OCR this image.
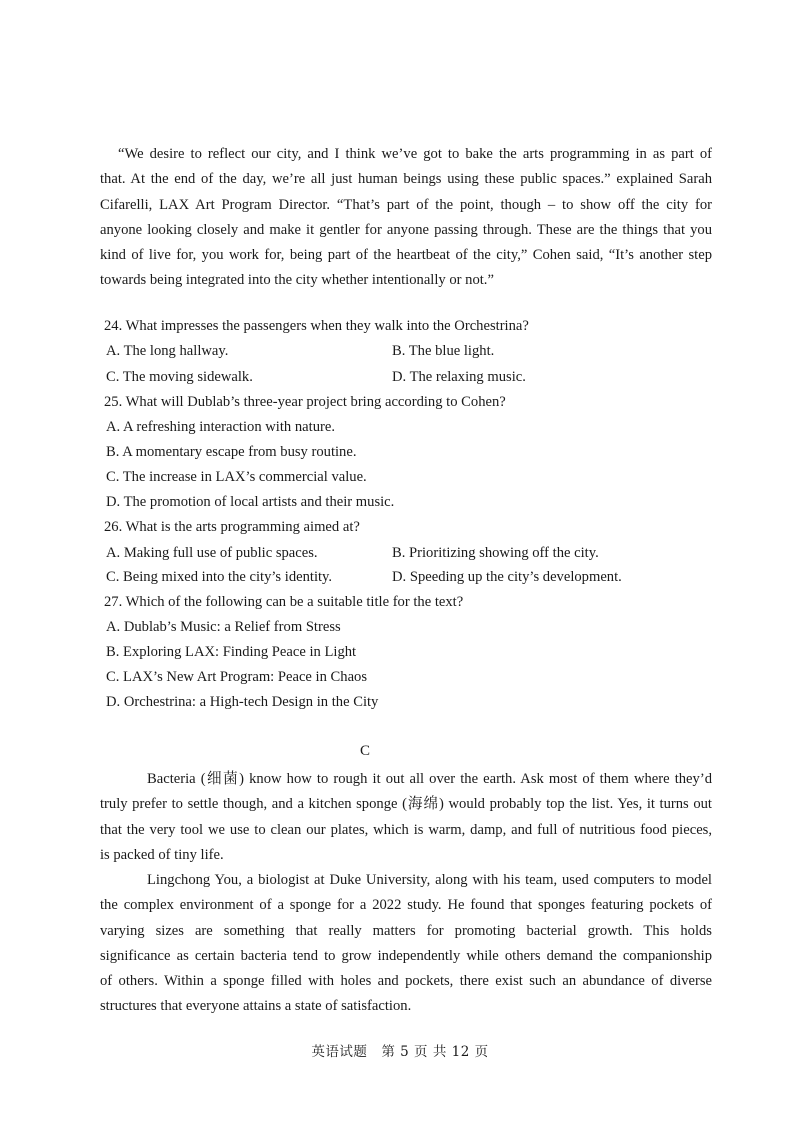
“We desire to reflect our city, and I think we’ve got to bake the arts programming in as part of
that. At the end of the day, we’re all just human beings using these public spaces.” explained Sarah
Cifarelli, LAX Art Program Director. “That’s part of the point, though – to show off the city for
anyone looking closely and make it gentler for anyone passing through. These are the things that you
kind of live for, you work for, being part of the heartbeat of the city,” Cohen said, “It’s another step
towards being integrated into the city whether intentionally or not.”

24. What impresses the passengers when they walk into the Orchestrina?

A. The long hallway.	B. The blue light.

C. The moving sidewalk.	D. The relaxing music.

25. What will Dublab’s three-year project bring according to Cohen?

A. A refreshing interaction with nature.

B. A momentary escape from busy routine.

C. The increase in LAX’s commercial value.

D. The promotion of local artists and their music.

26. What is the arts programming aimed at?

A. Making full use of public spaces.	B. Prioritizing showing off the city.

C. Being mixed into the city’s identity.	D. Speeding up the city’s development.

27. Which of the following can be a suitable title for the text?

A. Dublab’s Music: a Relief from Stress

B. Exploring LAX: Finding Peace in Light

C. LAX’s New Art Program: Peace in Chaos

D. Orchestrina: a High-tech Design in the City

C

Bacteria (细菌) know how to rough it out all over the earth. Ask most of them where they’d
truly prefer to settle though, and a kitchen sponge (海绵) would probably top the list. Yes, it turns out
that the very tool we use to clean our plates, which is warm, damp, and full of nutritious food pieces,
is packed of tiny life.
Lingchong You, a biologist at Duke University, along with his team, used computers to model
the complex environment of a sponge for a 2022 study. He found that sponges featuring pockets of
varying sizes are something that really matters for promoting bacterial growth. This holds
significance as certain bacteria tend to grow independently while others demand the companionship
of others. Within a sponge filled with holes and pockets, there exist such an abundance of diverse
structures that everyone attains a state of satisfaction.
英语试题　第 5 页 共 12 页
